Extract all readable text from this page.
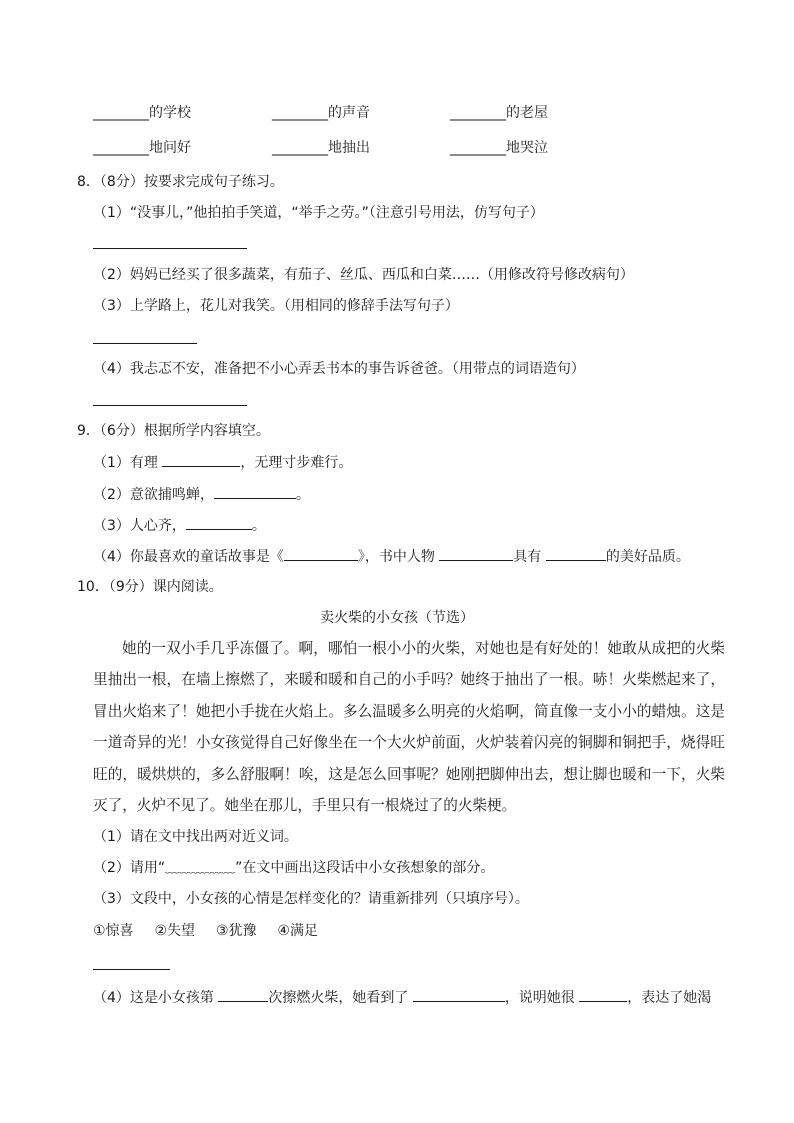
________的学校	________的声音	________的老屋
________地问好	________地抽出	________地哭泣
8．（8分）按要求完成句子练习。
（1）“没事儿，”他拍拍手笑道，“举手之劳。”（注意引号用法，仿写句子）
（2）妈妈已经买了很多蔬菜，有茄子、丝瓜、西瓜和白菜……（用修改符号修改病句）
（3）上学路上，花儿对我笑。（用相同的修辞手法写句子）
（4）我忐忑不安，准备把不小心弄丢书本的事告诉爸爸。（用带点的词语造句）
9．（6分）根据所学内容填空。
（1）有理	，无理寸步难行。
（2）意欲捕鸣蝉，	。
（3）人心齐，	。
（4）你最喜欢的童话故事是《	》，书中人物	具有	的美好品质。
10．（9分）课内阅读。
卖火柴的小女孩（节选）
她的一双小手几乎冻僵了。啊，哪怕一根小小的火柴，对她也是有好处的！她敢从成把的火柴里抽出一根，在墙上擦燃了，来暖和暖和自己的小手吗？她终于抽出了一根。哧！火柴燃起来了，冒出火焰来了！她把小手拢在火焰上。多么温暖多么明亮的火焰啊，简直像一支小小的蜡烛。这是一道奇异的光！小女孩觉得自己好像坐在一个大火炉前面，火炉装着闪亮的铜脚和铜把手，烧得旺旺的，暖烘烘的，多么舒服啊！唉，这是怎么回事呢？她刚把脚伸出去，想让脚也暖和一下，火柴灭了，火炉不见了。她坐在那儿，手里只有一根烧过了的火柴梗。
（1）请在文中找出两对近义词。
（2）请用“﹏﹏﹏﹏﹏”在文中画出这段话中小女孩想象的部分。
（3）文段中，小女孩的心情是怎样变化的？请重新排列（只填序号）。
①惊喜 ②失望 ③犹豫 ④满足
（4）这是小女孩第	次擦燃火柴，她看到了	，说明她很	，表达了她渴
